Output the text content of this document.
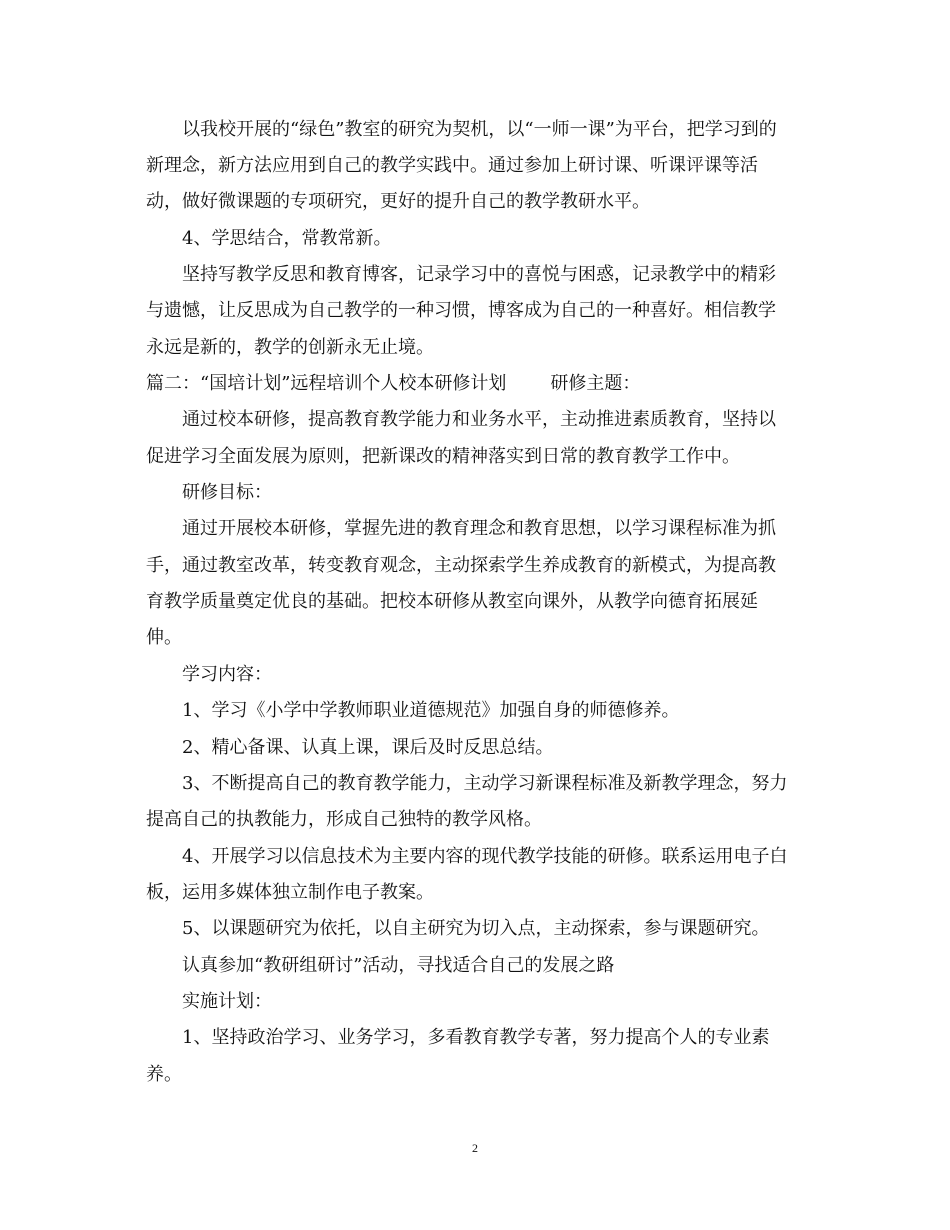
以我校开展的“绿色”教室的研究为契机，以“一师一课”为平台，把学习到的
新理念，新方法应用到自己的教学实践中。通过参加上研讨课、听课评课等活
动，做好微课题的专项研究，更好的提升自己的教学教研水平。
4、学思结合，常教常新。
坚持写教学反思和教育博客，记录学习中的喜悦与困惑，记录教学中的精彩
与遗憾，让反思成为自己教学的一种习惯，博客成为自己的一种喜好。相信教学
永远是新的，教学的创新永无止境。
篇二：“国培计划”远程培训个人校本研修计划 研修主题：
通过校本研修，提高教育教学能力和业务水平，主动推进素质教育，坚持以
促进学习全面发展为原则，把新课改的精神落实到日常的教育教学工作中。
研修目标：
通过开展校本研修，掌握先进的教育理念和教育思想，以学习课程标准为抓
手，通过教室改革，转变教育观念，主动探索学生养成教育的新模式，为提高教
育教学质量奠定优良的基础。把校本研修从教室向课外，从教学向德育拓展延
伸。
学习内容：
1、学习《小学中学教师职业道德规范》加强自身的师德修养。
2、精心备课、认真上课，课后及时反思总结。
3、不断提高自己的教育教学能力，主动学习新课程标准及新教学理念，努力
提高自己的执教能力，形成自己独特的教学风格。
4、开展学习以信息技术为主要内容的现代教学技能的研修。联系运用电子白
板，运用多媒体独立制作电子教案。
5、以课题研究为依托，以自主研究为切入点，主动探索，参与课题研究。
认真参加“教研组研讨”活动，寻找适合自己的发展之路
实施计划：
1、坚持政治学习、业务学习，多看教育教学专著，努力提高个人的专业素
养。
2
